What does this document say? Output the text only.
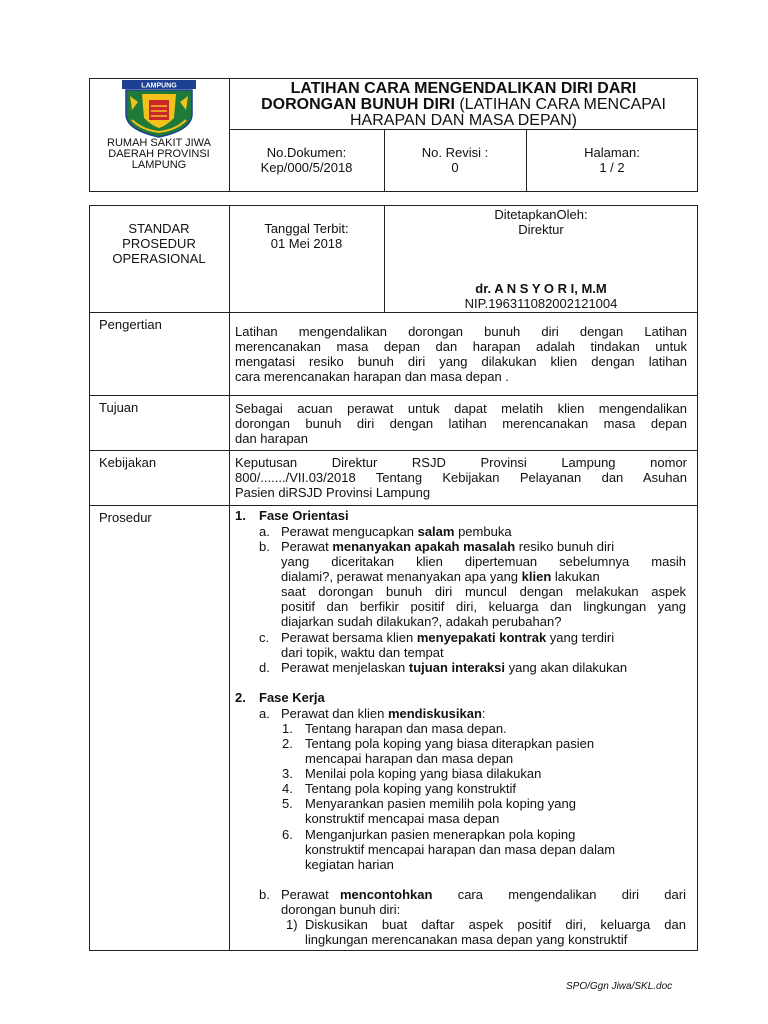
LAMPUNG
RUMAH SAKIT JIWA
DAERAH PROVINSI
LAMPUNG
LATIHAN CARA MENGENDALIKAN DIRI DARI
DORONGAN BUNUH DIRI (LATIHAN CARA MENCAPAI
HARAPAN DAN MASA DEPAN)
No.Dokumen:
Kep/000/5/2018
No. Revisi :
0
Halaman:
1 / 2
STANDAR
PROSEDUR
OPERASIONAL
Tanggal Terbit:
01 Mei 2018
DitetapkanOleh:
Direktur
dr. A N S Y O R I, M.M
NIP.196311082002121004
Pengertian
Tujuan
Kebijakan
Prosedur
Latihan mengendalikan dorongan bunuh diri dengan Latihan
merencanakan masa depan dan harapan adalah tindakan untuk
mengatasi resiko bunuh diri yang dilakukan klien dengan latihan
cara merencanakan harapan dan masa depan .
Sebagai acuan perawat untuk dapat melatih klien mengendalikan
dorongan bunuh diri dengan latihan merencanakan masa depan
dan harapan
Keputusan Direktur RSJD Provinsi Lampung nomor
800/......./VII.03/2018 Tentang Kebijakan Pelayanan dan Asuhan
Pasien diRSJD Provinsi Lampung
1. Fase Orientasi
a. Perawat mengucapkan salam pembuka
b. Perawat menanyakan apakah masalah resiko bunuh diri
yang diceritakan klien dipertemuan sebelumnya masih
dialami?, perawat menanyakan apa yang klien lakukan
saat dorongan bunuh diri muncul dengan melakukan aspek
positif dan berfikir positif diri, keluarga dan lingkungan yang
diajarkan sudah dilakukan?, adakah perubahan?
c. Perawat bersama klien menyepakati kontrak yang terdiri
dari topik, waktu dan tempat
d. Perawat menjelaskan tujuan interaksi yang akan dilakukan
2. Fase Kerja
a. Perawat dan klien mendiskusikan:
1. Tentang harapan dan masa depan.
2. Tentang pola koping yang biasa diterapkan pasien
mencapai harapan dan masa depan
3. Menilai pola koping yang biasa dilakukan
4. Tentang pola koping yang konstruktif
5. Menyarankan pasien memilih pola koping yang
konstruktif mencapai masa depan
6. Menganjurkan pasien menerapkan pola koping
konstruktif mencapai harapan dan masa depan dalam
kegiatan harian
b. Perawat mencontohkan cara mengendalikan diri dari
dorongan bunuh diri:
1) Diskusikan buat daftar aspek positif diri, keluarga dan
lingkungan merencanakan masa depan yang konstruktif
SPO/Ggn Jiwa/SKL.doc
